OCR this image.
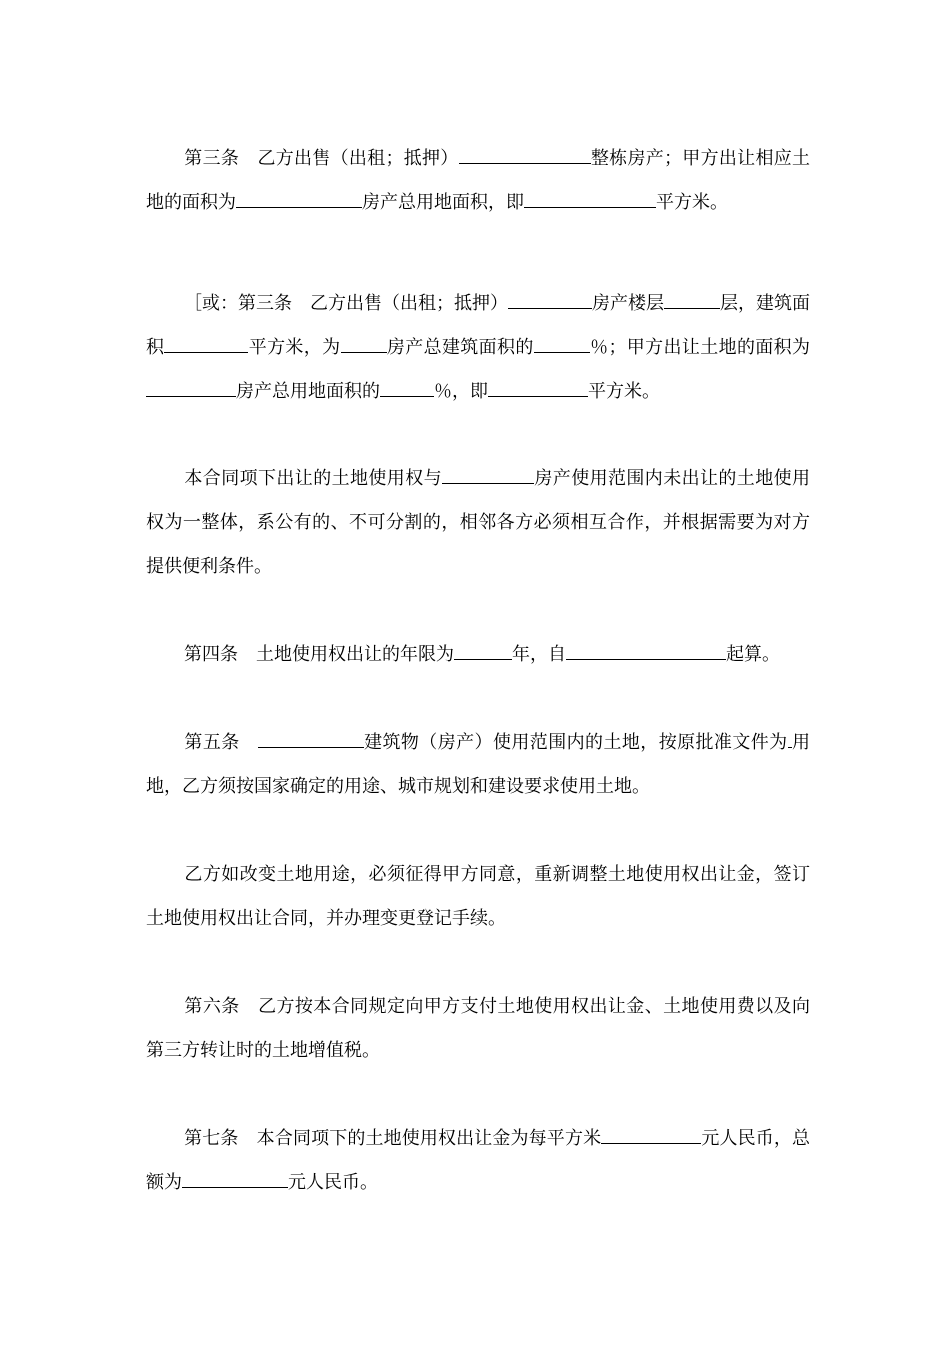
第三条 乙方出售（出租；抵押）	整栋房产；甲方出让相应土地的面积为	房产总用地面积，即	平方米。

［或：第三条 乙方出售（出租；抵押）	房产楼层	层，建筑面积	平方米，为	房产总建筑面积的	％；甲方出让土地的面积为房产总用地面积的	％，即	平方米。

本合同项下出让的土地使用权与	房产使用范围内未出让的土地使用权为一整体，系公有的、不可分割的，相邻各方必须相互合作，并根据需要为对方提供便利条件。

第四条 土地使用权出让的年限为	年，自	起算。

第五条	建筑物（房产）使用范围内的土地，按原批准文件为 用地，乙方须按国家确定的用途、城市规划和建设要求使用土地。

乙方如改变土地用途，必须征得甲方同意，重新调整土地使用权出让金，签订土地使用权出让合同，并办理变更登记手续。

第六条 乙方按本合同规定向甲方支付土地使用权出让金、土地使用费以及向第三方转让时的土地增值税。

第七条 本合同项下的土地使用权出让金为每平方米	元人民币，总额为	元人民币。
